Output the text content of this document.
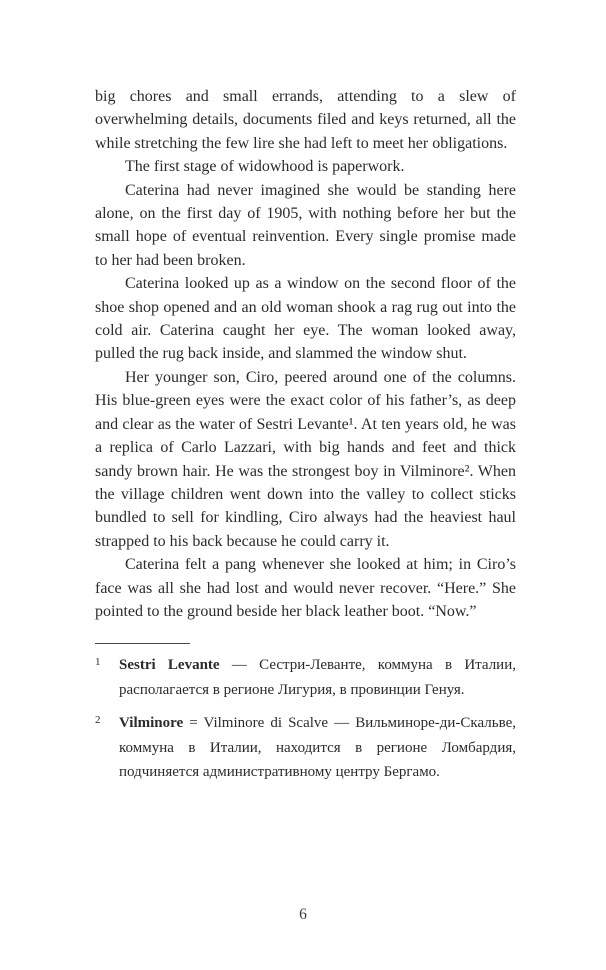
big chores and small errands, attending to a slew of overwhelming details, documents filed and keys returned, all the while stretching the few lire she had left to meet her obligations.

The first stage of widowhood is paperwork.

Caterina had never imagined she would be standing here alone, on the first day of 1905, with nothing before her but the small hope of eventual reinvention. Every single promise made to her had been broken.

Caterina looked up as a window on the second floor of the shoe shop opened and an old woman shook a rag rug out into the cold air. Caterina caught her eye. The woman looked away, pulled the rug back inside, and slammed the window shut.

Her younger son, Ciro, peered around one of the columns. His blue-green eyes were the exact color of his father’s, as deep and clear as the water of Sestri Levante¹. At ten years old, he was a replica of Carlo Lazzari, with big hands and feet and thick sandy brown hair. He was the strongest boy in Vilminore². When the village children went down into the valley to collect sticks bundled to sell for kindling, Ciro always had the heaviest haul strapped to his back because he could carry it.

Caterina felt a pang whenever she looked at him; in Ciro’s face was all she had lost and would never recover. “Here.” She pointed to the ground beside her black leather boot. “Now.”

1	Sestri Levante — Сестри-Леванте, коммуна в Италии, располагается в регионе Лигурия, в провинции Генуя.
2	Vilminore = Vilminore di Scalve — Вильминоре-ди-Скальве, коммуна в Италии, находится в регионе Ломбардия, подчиняется административному центру Бергамо.
6
